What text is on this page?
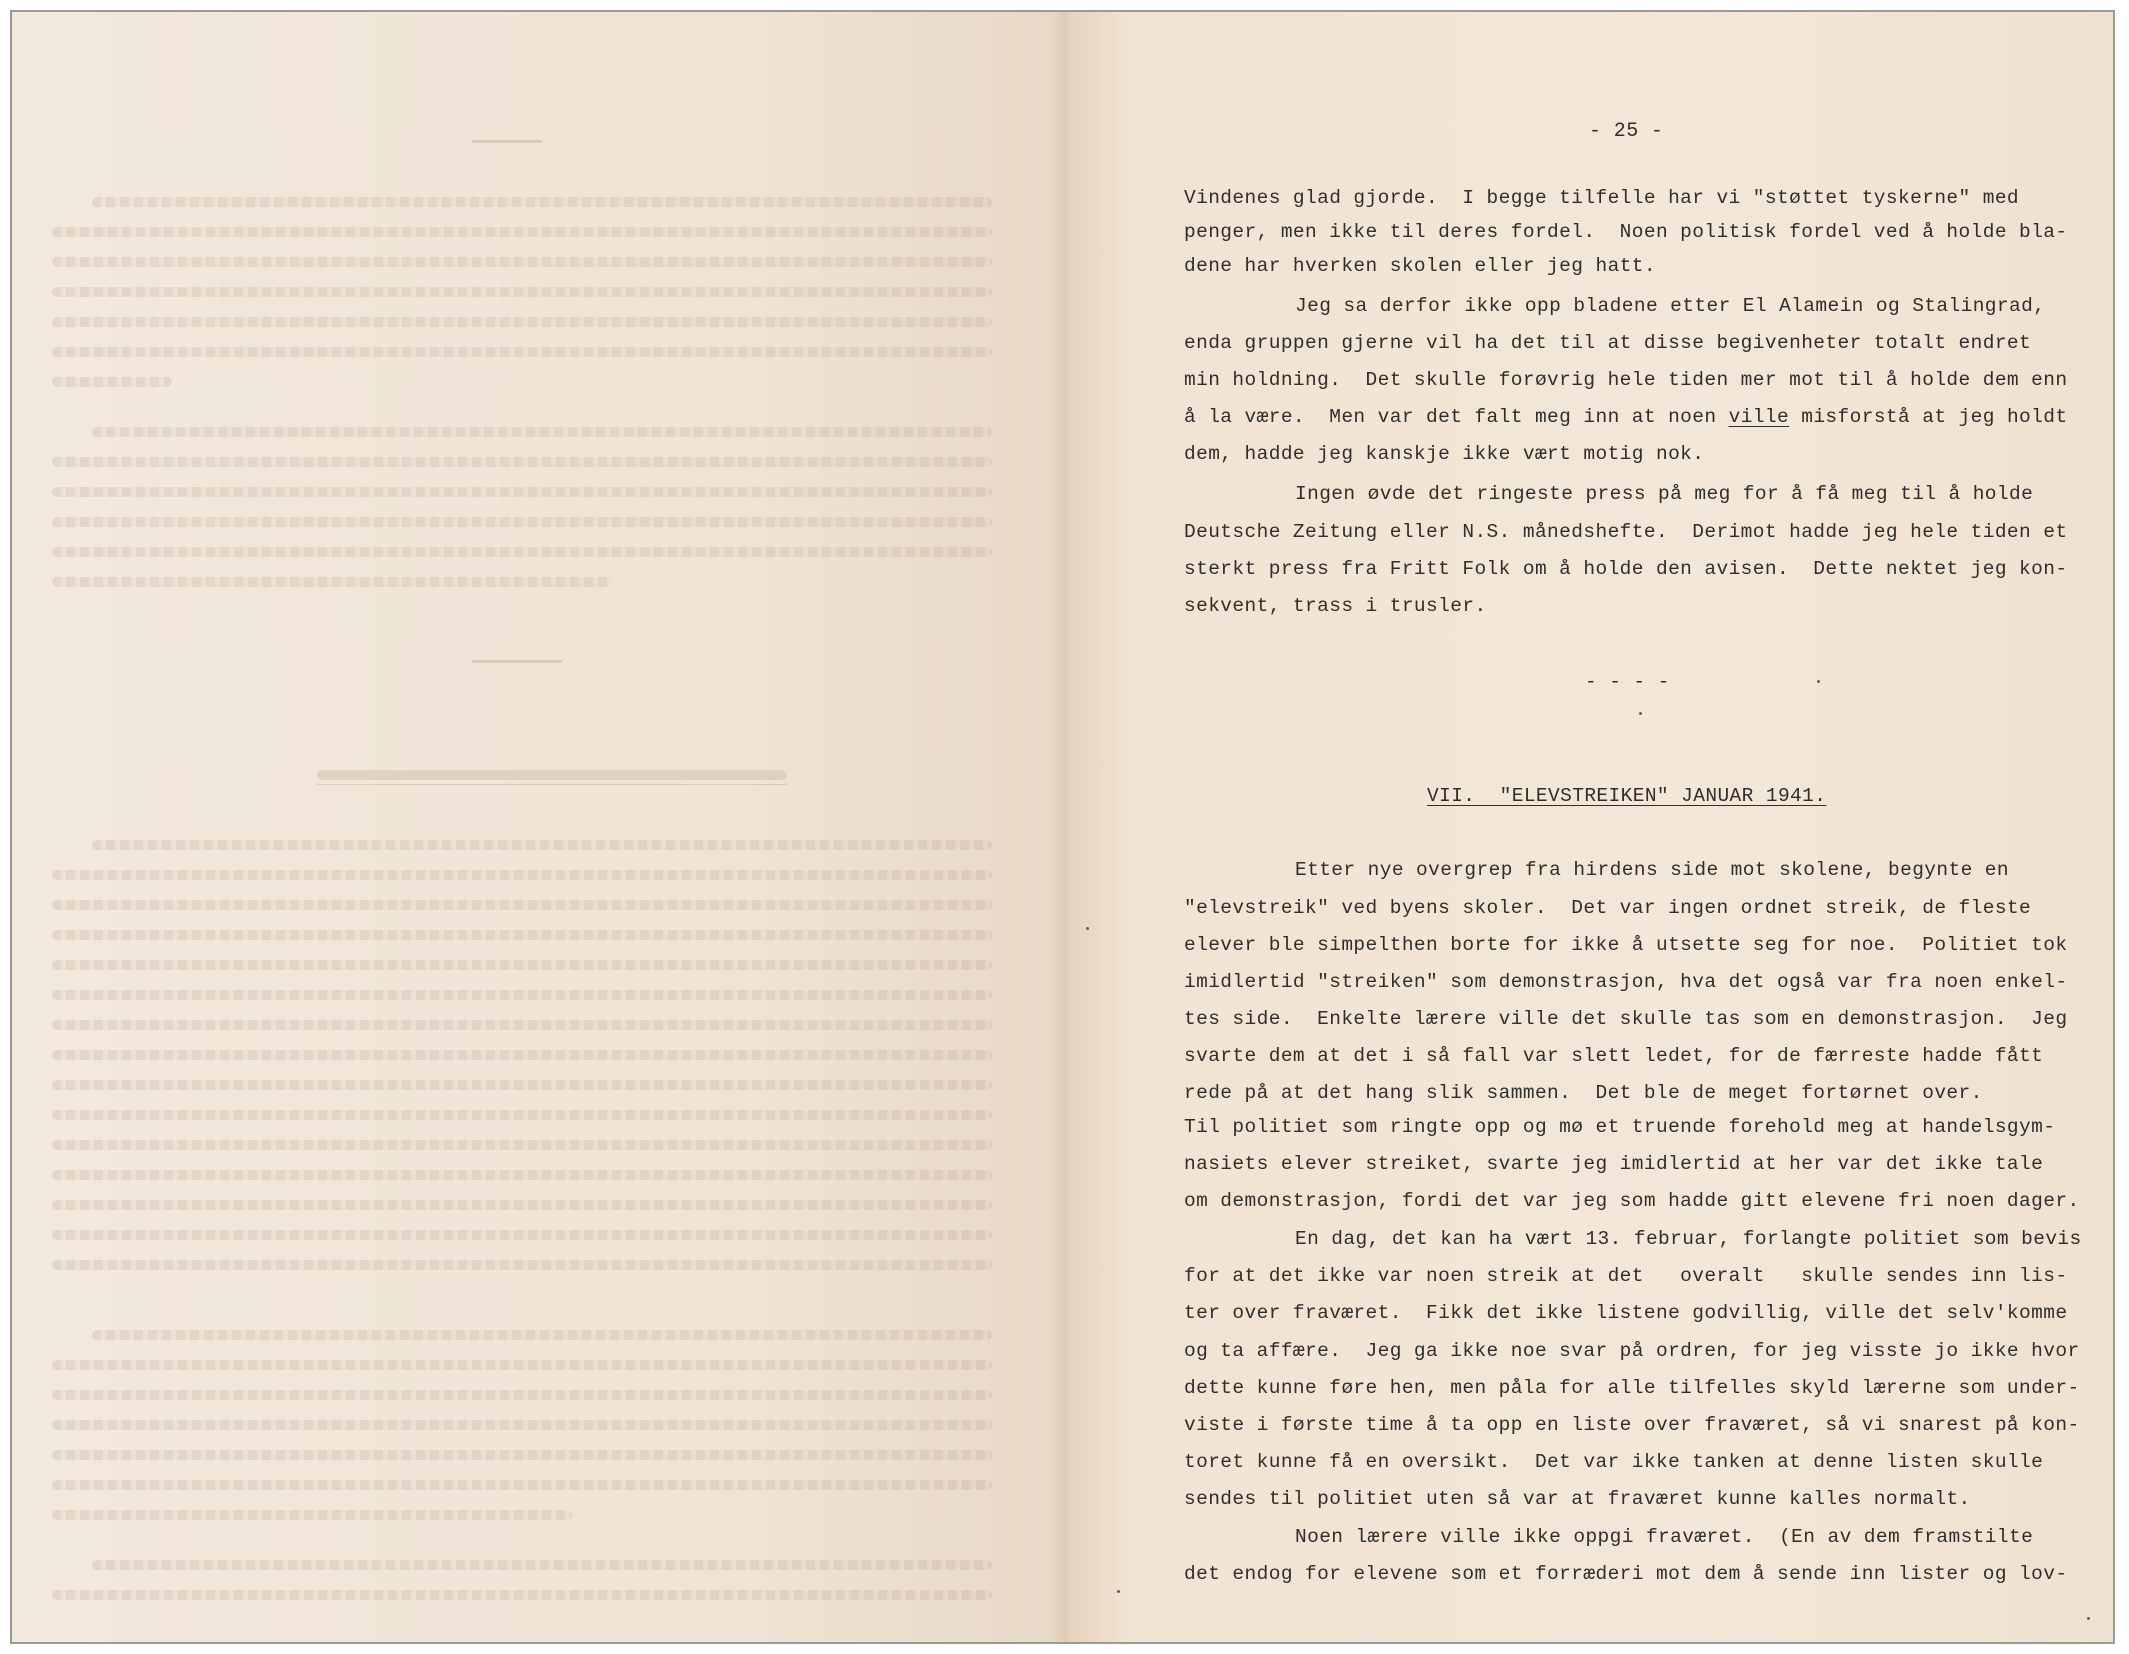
- 25 -
Vindenes glad gjorde.  I begge tilfelle har vi "støttet tyskerne" med
penger, men ikke til deres fordel.  Noen politisk fordel ved å holde bla-
dene har hverken skolen eller jeg hatt.
Jeg sa derfor ikke opp bladene etter El Alamein og Stalingrad,
enda gruppen gjerne vil ha det til at disse begivenheter totalt endret
min holdning.  Det skulle forøvrig hele tiden mer mot til å holde dem enn
å la være.  Men var det falt meg inn at noen ville misforstå at jeg holdt
dem, hadde jeg kanskje ikke vært motig nok.
Ingen øvde det ringeste press på meg for å få meg til å holde
Deutsche Zeitung eller N.S. månedshefte.  Derimot hadde jeg hele tiden et
sterkt press fra Fritt Folk om å holde den avisen.  Dette nektet jeg kon-
sekvent, trass i trusler.
- - - -
VII.  "ELEVSTREIKEN" JANUAR 1941.
Etter nye overgrep fra hirdens side mot skolene, begynte en
"elevstreik" ved byens skoler.  Det var ingen ordnet streik, de fleste
elever ble simpelthen borte for ikke å utsette seg for noe.  Politiet tok
imidlertid "streiken" som demonstrasjon, hva det også var fra noen enkel-
tes side.  Enkelte lærere ville det skulle tas som en demonstrasjon.  Jeg
svarte dem at det i så fall var slett ledet, for de færreste hadde fått
rede på at det hang slik sammen.  Det ble de meget fortørnet over.
Til politiet som ringte opp og mø et truende forehold meg at handelsgym-
nasiets elever streiket, svarte jeg imidlertid at her var det ikke tale
om demonstrasjon, fordi det var jeg som hadde gitt elevene fri noen dager.
En dag, det kan ha vært 13. februar, forlangte politiet som bevis
for at det ikke var noen streik at det   overalt   skulle sendes inn lis-
ter over fraværet.  Fikk det ikke listene godvillig, ville det selv'komme
og ta affære.  Jeg ga ikke noe svar på ordren, for jeg visste jo ikke hvor
dette kunne føre hen, men påla for alle tilfelles skyld lærerne som under-
viste i første time å ta opp en liste over fraværet, så vi snarest på kon-
toret kunne få en oversikt.  Det var ikke tanken at denne listen skulle
sendes til politiet uten så var at fraværet kunne kalles normalt.
Noen lærere ville ikke oppgi fraværet.  (En av dem framstilte
det endog for elevene som et forræderi mot dem å sende inn lister og lov-
